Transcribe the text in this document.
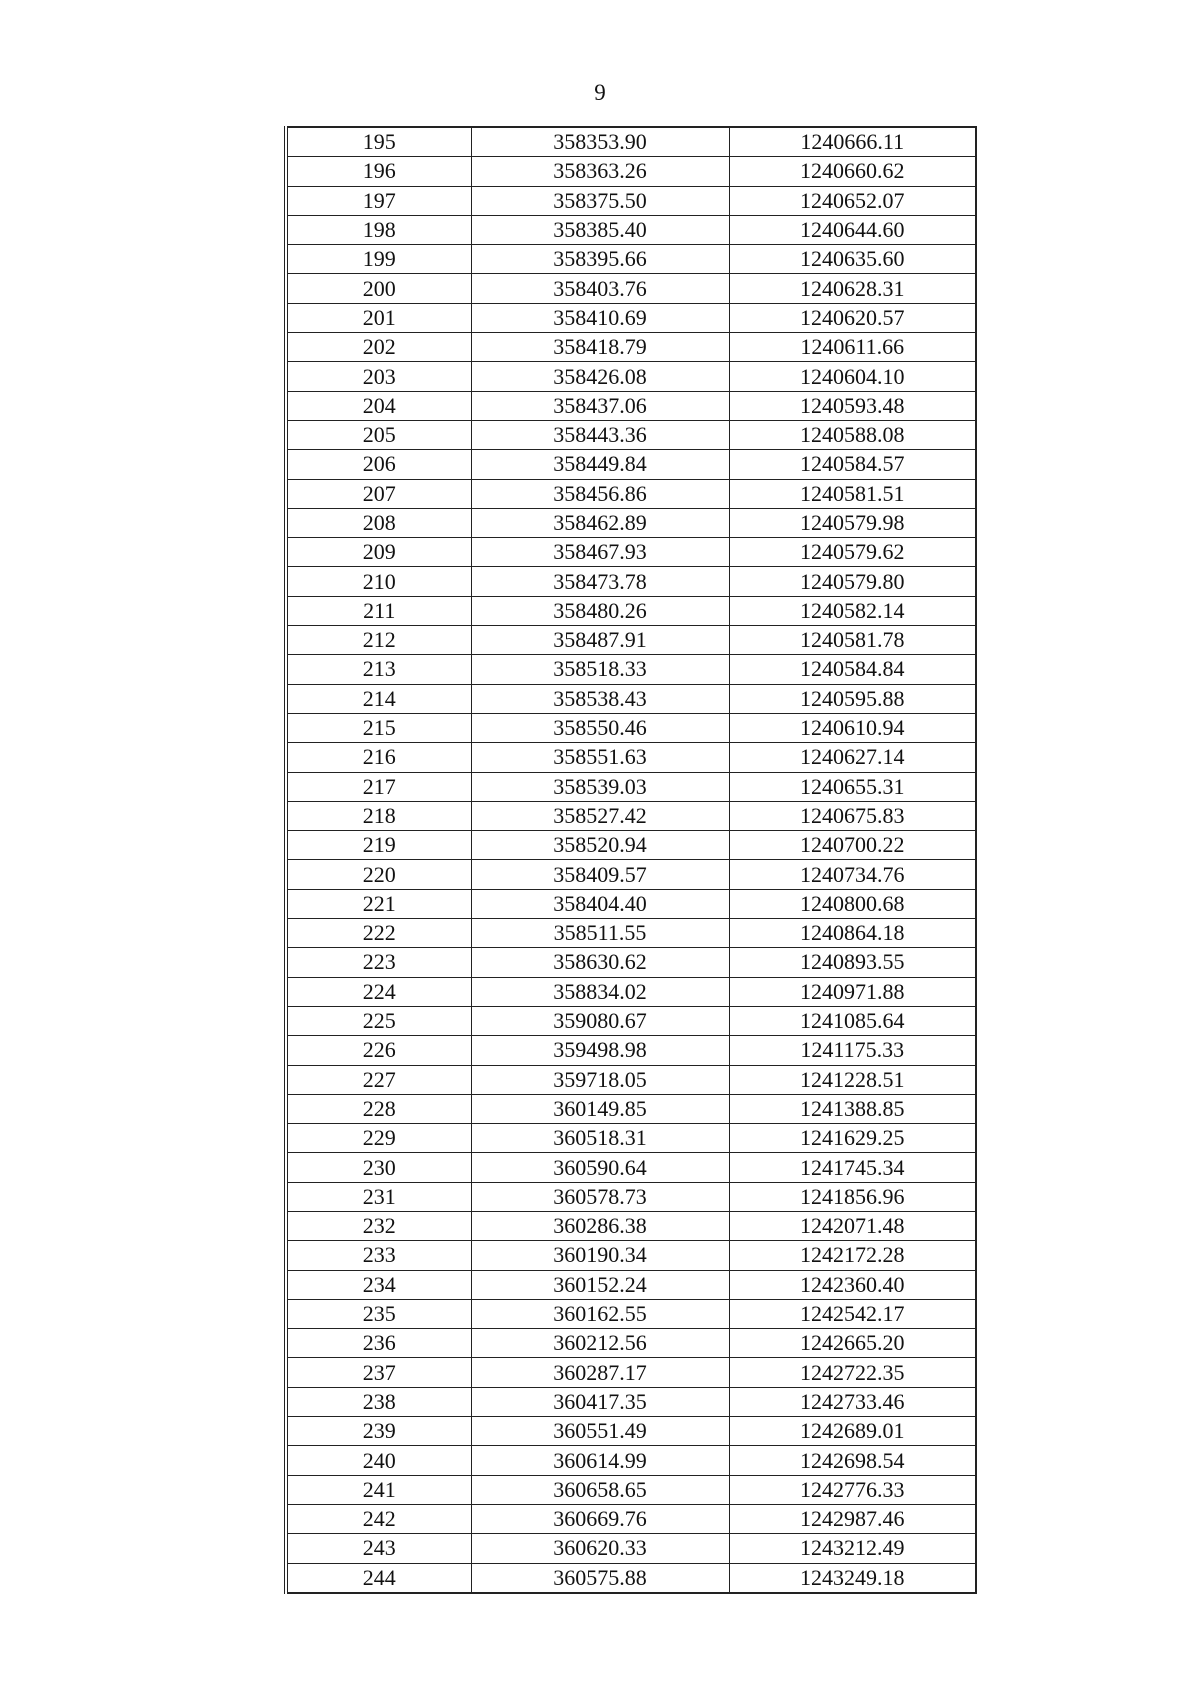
9
195	358353.90	1240666.11
196	358363.26	1240660.62
197	358375.50	1240652.07
198	358385.40	1240644.60
199	358395.66	1240635.60
200	358403.76	1240628.31
201	358410.69	1240620.57
202	358418.79	1240611.66
203	358426.08	1240604.10
204	358437.06	1240593.48
205	358443.36	1240588.08
206	358449.84	1240584.57
207	358456.86	1240581.51
208	358462.89	1240579.98
209	358467.93	1240579.62
210	358473.78	1240579.80
211	358480.26	1240582.14
212	358487.91	1240581.78
213	358518.33	1240584.84
214	358538.43	1240595.88
215	358550.46	1240610.94
216	358551.63	1240627.14
217	358539.03	1240655.31
218	358527.42	1240675.83
219	358520.94	1240700.22
220	358409.57	1240734.76
221	358404.40	1240800.68
222	358511.55	1240864.18
223	358630.62	1240893.55
224	358834.02	1240971.88
225	359080.67	1241085.64
226	359498.98	1241175.33
227	359718.05	1241228.51
228	360149.85	1241388.85
229	360518.31	1241629.25
230	360590.64	1241745.34
231	360578.73	1241856.96
232	360286.38	1242071.48
233	360190.34	1242172.28
234	360152.24	1242360.40
235	360162.55	1242542.17
236	360212.56	1242665.20
237	360287.17	1242722.35
238	360417.35	1242733.46
239	360551.49	1242689.01
240	360614.99	1242698.54
241	360658.65	1242776.33
242	360669.76	1242987.46
243	360620.33	1243212.49
244	360575.88	1243249.18
